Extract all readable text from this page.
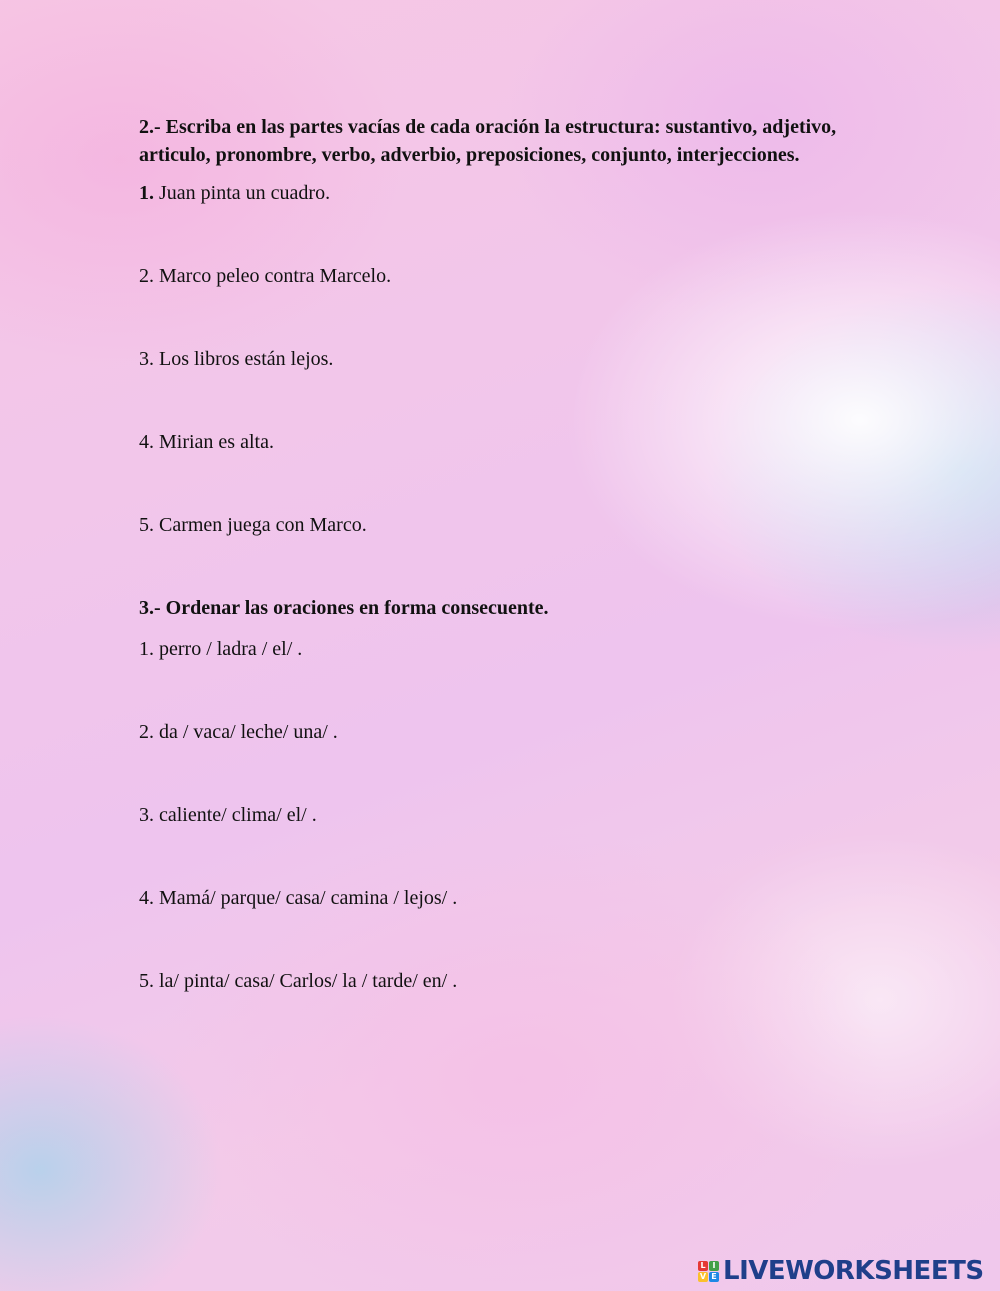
2.- Escriba en las partes vacías de cada oración la estructura: sustantivo, adjetivo, articulo, pronombre, verbo, adverbio, preposiciones, conjunto, interjecciones.

1. Juan pinta un cuadro.

2. Marco peleo contra Marcelo.

3. Los libros están lejos.

4. Mirian es alta.

5. Carmen juega con Marco.

3.- Ordenar las oraciones en forma consecuente.

1. perro / ladra / el/ .

2. da / vaca/ leche/ una/ .

3. caliente/ clima/ el/ .

4. Mamá/ parque/ casa/ camina / lejos/ .

5. la/ pinta/ casa/ Carlos/ la / tarde/ en/ .

L I
V E LIVEWORKSHEETS
